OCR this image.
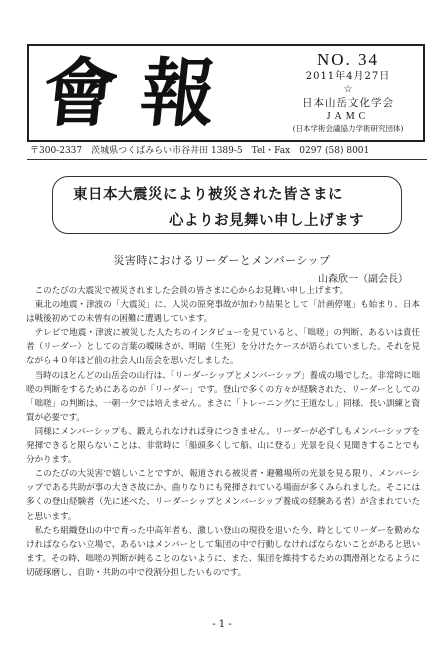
會報	NO. 34
2011年4月27日
☆
日本山岳文化学会
JAMC
(日本学術会議協力学術研究団体)
〒300-2337　茨城県つくばみらい市谷井田 1389-5　Tel・Fax　0297 (58) 8001
東日本大震災により被災された皆さまに
心よりお見舞い申し上げます
災害時におけるリーダーとメンバーシップ
山森欣一（副会長）

このたびの大震災で被災されました会員の皆さまに心からお見舞い申し上げます。

東北の地震・津波の「大震災」に、人災の原発事故が加わり結果として「計画停電」も始まり、日本は戦後初めての未曾有の困難に遭遇しています。

テレビで地震・津波に被災した人たちのインタビューを見ていると、「咄嗟」の判断、あるいは責任者（リーダー）としての言葉の曖昧さが、明暗（生死）を分けたケースが語られていました。それを見ながら４０年ほど前の社会人山岳会を思いだしました。

当時のほとんどの山岳会の山行は、「リーダーシップとメンバーシップ」養成の場でした。非常時に咄嗟の判断をするためにあるのが「リーダー」です。登山で多くの方々が経験された、リーダーとしての「咄嗟」の判断は、一朝一夕では培えません。まさに「トレーニングに王道なし」同様、長い訓練と資質が必要です。

同様にメンバーシップも、鍛えられなければ身につきません。リーダーが必ずしもメンバーシップを発揮できると限らないことは、非常時に「船頭多くして船、山に登る」光景を良く見聞きすることでも分かります。

このたびの大災害で嬉しいことですが、報道される被災者・避難場所の光景を見る限り、メンバーシップである共助が事の大きさ故にか、曲りなりにも発揮されている場面が多くみられました。そこには多くの登山経験者（先に述べた、リーダーシップとメンバーシップ養成の経験ある者）が含まれていたと思います。

私たち組織登山の中で育った中高年者も、激しい登山の現役を退いた今、時としてリーダーを勤めなければならない立場で、あるいはメンバーとして集団の中で行動しなければならないことがあると思います。その時、咄嗟の判断が鈍ることのないように、また、集団を維持するための潤滑剤となるように切磋琢磨し、自助・共助の中で役割分担したいものです。

- 1 -
